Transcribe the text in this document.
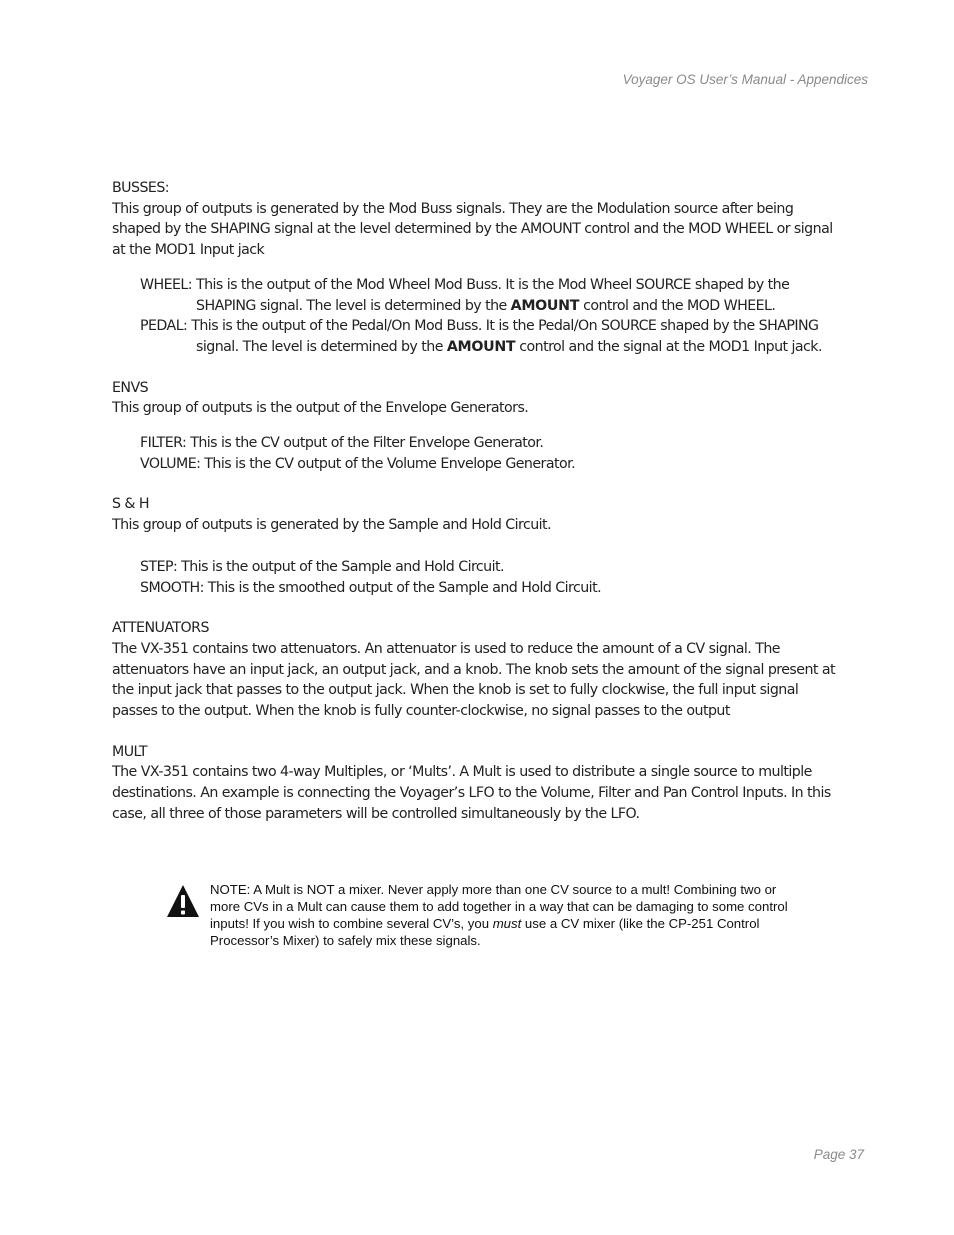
Voyager OS User’s Manual - Appendices
BUSSES:

This group of outputs is generated by the Mod Buss signals. They are the Modulation source after being shaped by the SHAPING signal at the level determined by the AMOUNT control and the MOD WHEEL or signal at the MOD1 Input jack

WHEEL: This is the output of the Mod Wheel Mod Buss. It is the Mod Wheel SOURCE shaped by the SHAPING signal. The level is determined by the AMOUNT control and the MOD WHEEL.

PEDAL: This is the output of the Pedal/On Mod Buss. It is the Pedal/On SOURCE shaped by the SHAPING signal. The level is determined by the AMOUNT control and the signal at the MOD1 Input jack.

ENVS

This group of outputs is the output of the Envelope Generators.

FILTER: This is the CV output of the Filter Envelope Generator.

VOLUME: This is the CV output of the Volume Envelope Generator.

S & H

This group of outputs is generated by the Sample and Hold Circuit.

STEP: This is the output of the Sample and Hold Circuit.

SMOOTH: This is the smoothed output of the Sample and Hold Circuit.

ATTENUATORS

The VX-351 contains two attenuators. An attenuator is used to reduce the amount of a CV signal. The attenuators have an input jack, an output jack, and a knob. The knob sets the amount of the signal present at the input jack that passes to the output jack. When the knob is set to fully clockwise, the full input signal passes to the output. When the knob is fully counter-clockwise, no signal passes to the output

MULT

The VX-351 contains two 4-way Multiples, or ‘Mults’. A Mult is used to distribute a single source to multiple destinations. An example is connecting the Voyager’s LFO to the Volume, Filter and Pan Control Inputs. In this case, all three of those parameters will be controlled simultaneously by the LFO.

NOTE: A Mult is NOT a mixer. Never apply more than one CV source to a mult! Combining two or more CVs in a Mult can cause them to add together in a way that can be damaging to some control inputs! If you wish to combine several CV’s, you must use a CV mixer (like the CP-251 Control Processor’s Mixer) to safely mix these signals.
Page 37
